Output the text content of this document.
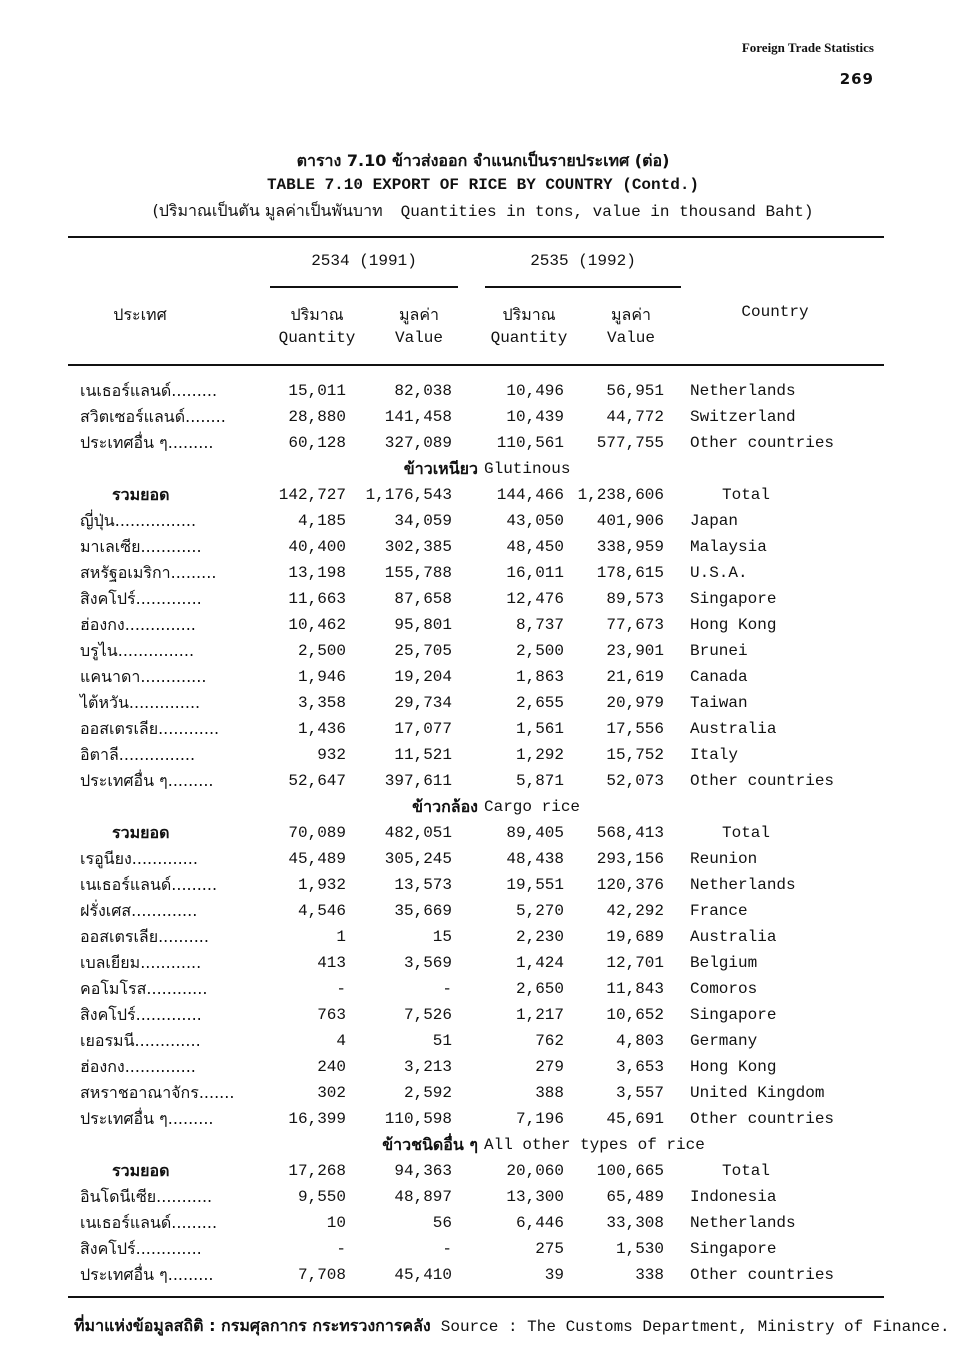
Foreign Trade Statistics
269
ตาราง 7.10 ข้าวส่งออก จำแนกเป็นรายประเทศ (ต่อ)
TABLE 7.10 EXPORT OF RICE BY COUNTRY (Contd.)
(ปริมาณเป็นตัน มูลค่าเป็นพันบาท Quantities in tons, value in thousand Baht)
2534 (1991)	2535 (1992)
ประเทศ	Country
ปริมาณ
Quantity
มูลค่า
Value
ปริมาณ
Quantity
มูลค่า
Value
เนเธอร์แลนด์.........	15,011	82,038	10,496	56,951 Netherlands
สวิตเซอร์แลนด์........	28,880 141,458	10,439	44,772 Switzerland
ประเทศอื่น ๆ.........	60,128 327,089	110,561 577,755 Other countries
ข้าวเหนียว Glutinous
รวมยอด	142,727 1,176,543	144,466 1,238,606	Total
ญี่ปุ่น................	4,185	34,059	43,050 401,906 Japan
มาเลเซีย............	40,400 302,385	48,450 338,959 Malaysia
สหรัฐอเมริกา.........	13,198 155,788	16,011 178,615 U.S.A.
สิงคโปร์.............	11,663	87,658	12,476	89,573 Singapore
ฮ่องกง..............	10,462	95,801	8,737	77,673 Hong Kong
บรูไน...............	2,500	25,705	2,500	23,901 Brunei
แคนาดา.............	1,946	19,204	1,863	21,619 Canada
ไต้หวัน..............	3,358	29,734	2,655	20,979 Taiwan
ออสเตรเลีย............	1,436	17,077	1,561	17,556 Australia
อิตาลี...............	932	11,521	1,292	15,752 Italy
ประเทศอื่น ๆ.........	52,647 397,611	5,871	52,073 Other countries
ข้าวกล้อง Cargo rice
รวมยอด	70,089 482,051	89,405 568,413	Total
เรอูนียง.............	45,489 305,245	48,438 293,156 Reunion
เนเธอร์แลนด์.........	1,932	13,573	19,551 120,376 Netherlands
ฝรั่งเศส.............	4,546	35,669	5,270	42,292 France
ออสเตรเลีย..........	1	15	2,230	19,689 Australia
เบลเยียม............	413	3,569	1,424	12,701 Belgium
คอโมโรส............	-	-	2,650	11,843 Comoros
สิงคโปร์.............	763	7,526	1,217	10,652 Singapore
เยอรมนี.............	4	51	762	4,803 Germany
ฮ่องกง..............	240	3,213	279	3,653 Hong Kong
สหราชอาณาจักร.......	302	2,592	388	3,557 United Kingdom
ประเทศอื่น ๆ.........	16,399 110,598	7,196	45,691 Other countries
ข้าวชนิดอื่น ๆ All other types of rice
รวมยอด	17,268	94,363	20,060 100,665	Total
อินโดนีเซีย...........	9,550	48,897	13,300	65,489 Indonesia
เนเธอร์แลนด์.........	10	56	6,446	33,308 Netherlands
สิงคโปร์.............	-	-	275	1,530 Singapore
ประเทศอื่น ๆ.........	7,708	45,410	39	338 Other countries
ที่มาแห่งข้อมูลสถิติ : กรมศุลกากร กระทรวงการคลัง Source : The Customs Department, Ministry of Finance.
